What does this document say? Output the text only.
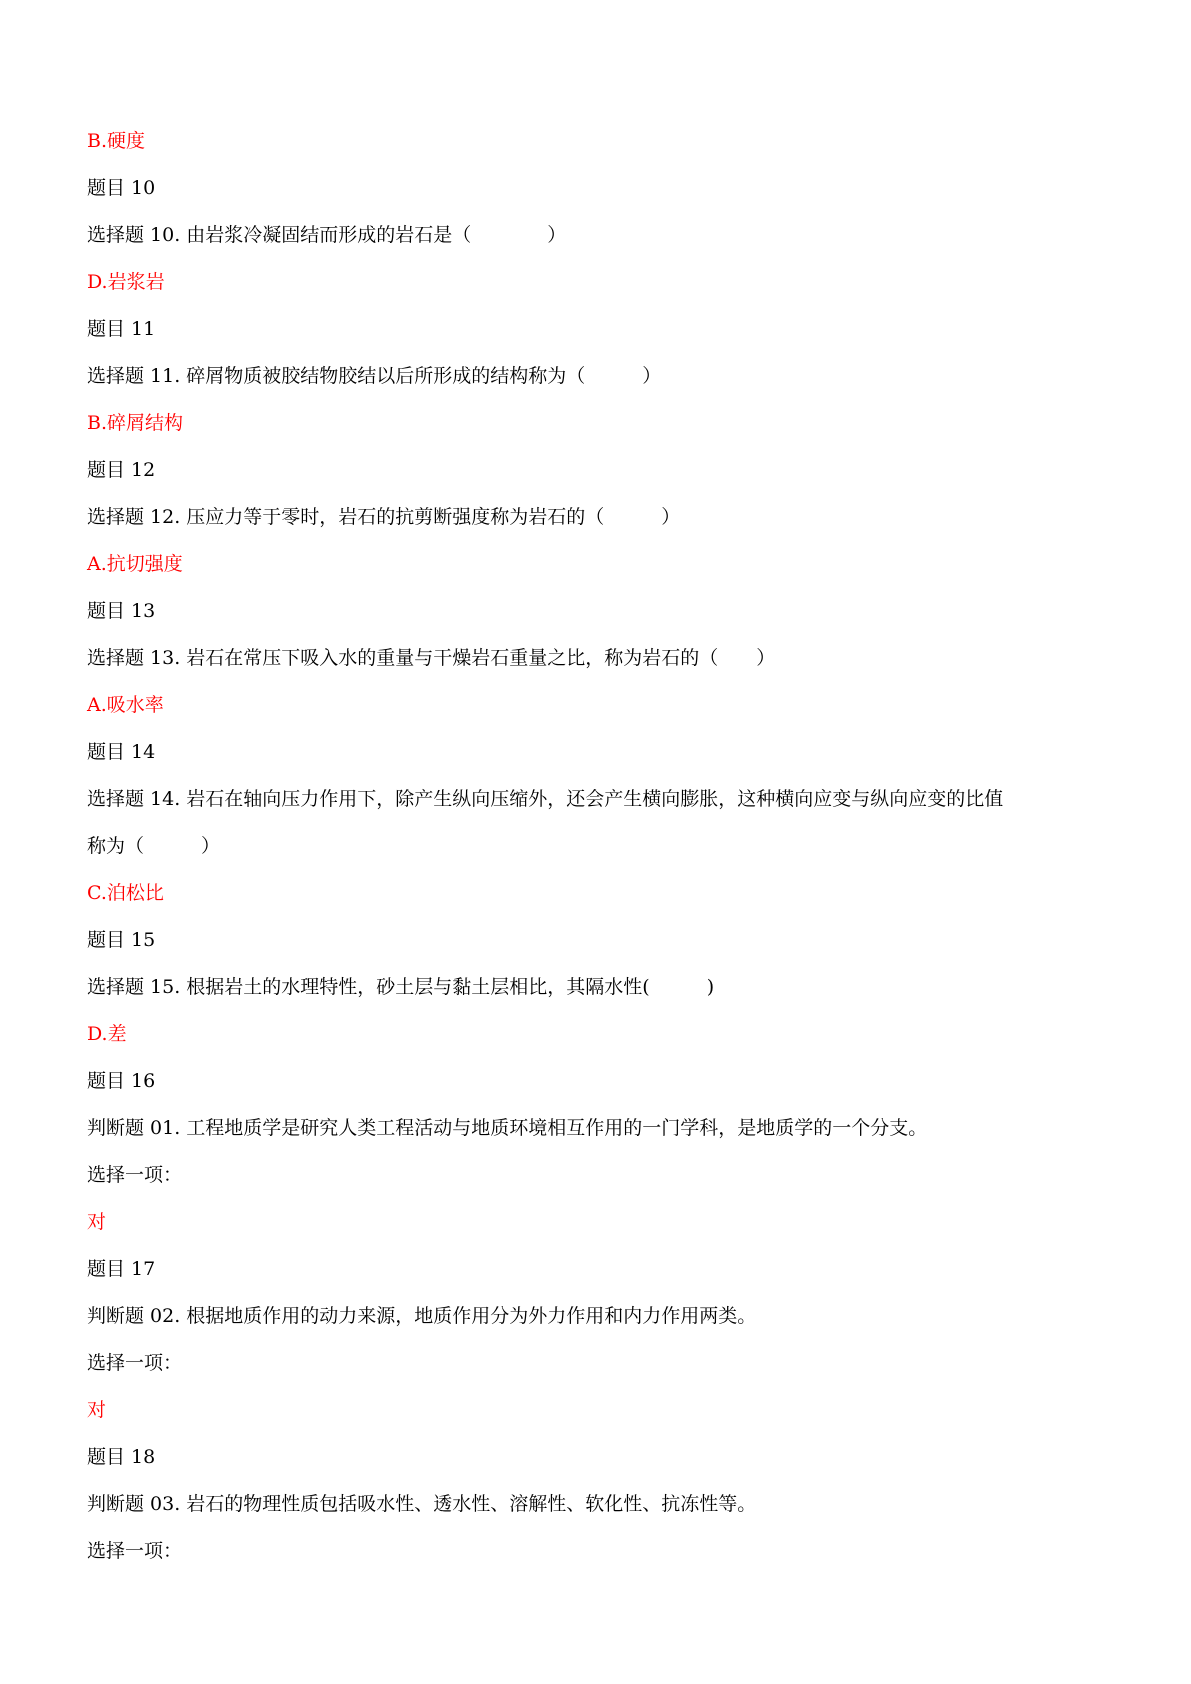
B.硬度
题目 10
选择题 10. 由岩浆冷凝固结而形成的岩石是（　　　　）
D.岩浆岩
题目 11
选择题 11. 碎屑物质被胶结物胶结以后所形成的结构称为（　　　）
B.碎屑结构
题目 12
选择题 12. 压应力等于零时，岩石的抗剪断强度称为岩石的（　　　）
A.抗切强度
题目 13
选择题 13. 岩石在常压下吸入水的重量与干燥岩石重量之比，称为岩石的（　　）
A.吸水率
题目 14
选择题 14. 岩石在轴向压力作用下，除产生纵向压缩外，还会产生横向膨胀，这种横向应变与纵向应变的比值
称为（　　　）
C.泊松比
题目 15
选择题 15. 根据岩土的水理特性，砂土层与黏土层相比，其隔水性(　　　)
D.差
题目 16
判断题 01. 工程地质学是研究人类工程活动与地质环境相互作用的一门学科，是地质学的一个分支。
选择一项：
对
题目 17
判断题 02. 根据地质作用的动力来源，地质作用分为外力作用和内力作用两类。
选择一项：
对
题目 18
判断题 03. 岩石的物理性质包括吸水性、透水性、溶解性、软化性、抗冻性等。
选择一项：
